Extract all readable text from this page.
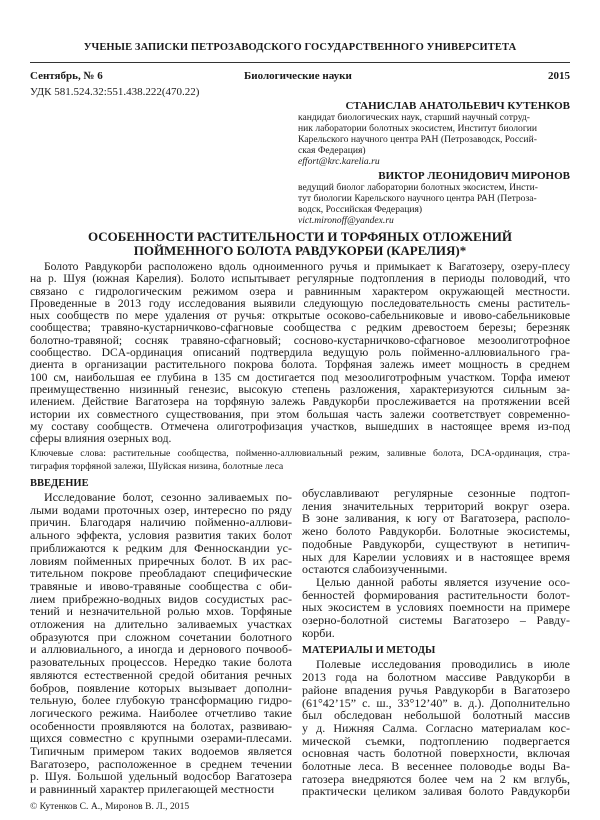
УЧЕНЫЕ ЗАПИСКИ ПЕТРОЗАВОДСКОГО ГОСУДАРСТВЕННОГО УНИВЕРСИТЕТА
Сентябрь, № 6	Биологические науки	2015
УДК 581.524.32:551.438.222(470.22)
СТАНИСЛАВ АНАТОЛЬЕВИЧ КУТЕНКОВ
кандидат биологических наук, старший научный сотруд-
ник лаборатории болотных экосистем, Институт биологии
Карельского научного центра РАН (Петрозаводск, Россий-
ская Федерация)
effort@krc.karelia.ru
ВИКТОР ЛЕОНИДОВИЧ МИРОНОВ
ведущий биолог лаборатории болотных экосистем, Инсти-
тут биологии Карельского научного центра РАН (Петроза-
водск, Российская Федерация)
vict.mironoff@yandex.ru
ОСОБЕННОСТИ РАСТИТЕЛЬНОСТИ И ТОРФЯНЫХ ОТЛОЖЕНИЙ
ПОЙМЕННОГО БОЛОТА РАВДУКОРБИ (КАРЕЛИЯ)*
Болото Равдукорби расположено вдоль одноименного ручья и примыкает к Вагатозеру, озеру-плесу
на р. Шуя (южная Карелия). Болото испытывает регулярные подтопления в периоды половодий, что
связано с гидрологическим режимом озера и равнинным характером окружающей местности.
Проведенные в 2013 году исследования выявили следующую последовательность смены раститель-
ных сообществ по мере удаления от ручья: открытые осоково-сабельниковые и ивово-сабельниковые
сообщества; травяно-кустарничково-сфагновые сообщества с редким древостоем березы; березняк
болотно-травяной; сосняк травяно-сфагновый; сосново-кустарничково-сфагновое мезоолиготрофное
сообщество. DCA-ординация описаний подтвердила ведущую роль пойменно-аллювиального гра-
диента в организации растительного покрова болота. Торфяная залежь имеет мощность в среднем
100 см, наибольшая ее глубина в 135 см достигается под мезоолиготрофным участком. Торфа имеют
преимущественно низинный генезис, высокую степень разложения, характеризуются сильным за-
илением. Действие Вагатозера на торфяную залежь Равдукорби прослеживается на протяжении всей
истории их совместного существования, при этом большая часть залежи соответствует современно-
му составу сообществ. Отмечена олиготрофизация участков, вышедших в настоящее время из-под
сферы влияния озерных вод.
Ключевые слова: растительные сообщества, пойменно-аллювиальный режим, заливные болота, DCA-ординация, стра-
тиграфия торфяной залежи, Шуйская низина, болотные леса
ВВЕДЕНИЕ
Исследование болот, сезонно заливаемых по-
лыми водами проточных озер, интересно по ряду
причин. Благодаря наличию пойменно-аллюви-
ального эффекта, условия развития таких болот
приближаются к редким для Фенноскандии ус-
ловиям пойменных приречных болот. В их рас-
тительном покрове преобладают специфические
травяные и ивово-травяные сообщества с оби-
лием прибрежно-водных видов сосудистых рас-
тений и незначительной ролью мхов. Торфяные
отложения на длительно заливаемых участках
образуются при сложном сочетании болотного
и аллювиального, а иногда и дернового почвооб-
разовательных процессов. Нередко такие болота
являются естественной средой обитания речных
бобров, появление которых вызывает дополни-
тельную, более глубокую трансформацию гидро-
логического режима. Наиболее отчетливо такие
особенности проявляются на болотах, развиваю-
щихся совместно с крупными озерами-плесами.
Типичным примером таких водоемов является
Вагатозеро, расположенное в среднем течении
р. Шуя. Большой удельный водосбор Вагатозера
и равнинный характер прилегающей местности
обуславливают регулярные сезонные подтоп-
ления значительных территорий вокруг озера.
В зоне заливания, к югу от Вагатозера, располо-
жено болото Равдукорби. Болотные экосистемы,
подобные Равдукорби, существуют в нетипич-
ных для Карелии условиях и в настоящее время
остаются слабоизученными.
Целью данной работы является изучение осо-
бенностей формирования растительности болот-
ных экосистем в условиях поемности на примере
озерно-болотной системы Вагатозеро – Равду-
корби.
МАТЕРИАЛЫ И МЕТОДЫ
Полевые исследования проводились в июле
2013 года на болотном массиве Равдукорби в
районе впадения ручья Равдукорби в Вагатозеро
(61°42’15” с. ш., 33°12’40” в. д.). Дополнительно
был обследован небольшой болотный массив
у д. Нижняя Салма. Согласно материалам кос-
мической съемки, подтоплению подвергается
основная часть болотной поверхности, включая
болотные леса. В весеннее половодье воды Ва-
гатозера внедряются более чем на 2 км вглубь,
практически целиком заливая болото Равдукорби
© Кутенков С. А., Миронов В. Л., 2015
